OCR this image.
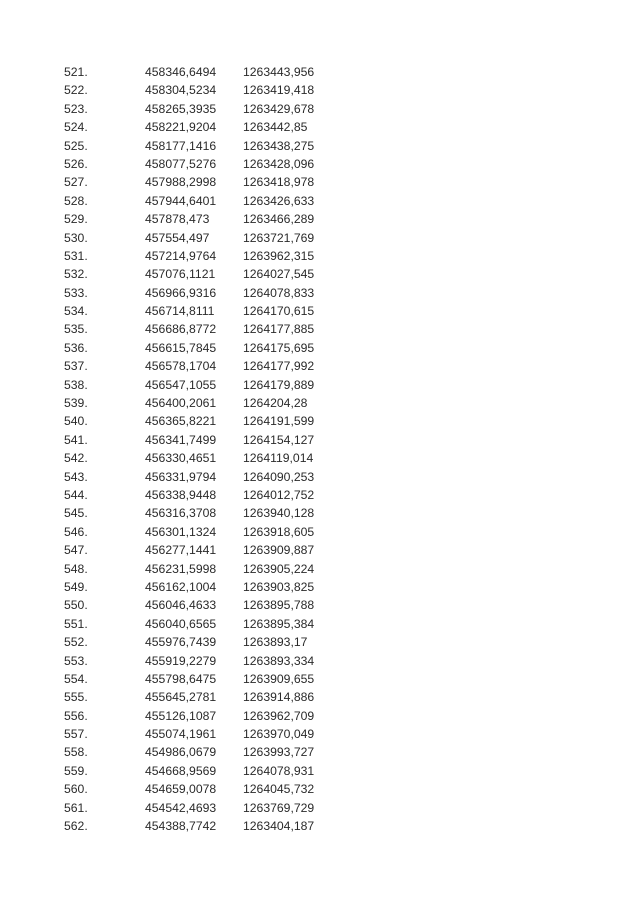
521.	458346,6494 1263443,956
522.	458304,5234 1263419,418
523.	458265,3935 1263429,678
524.	458221,9204 1263442,85
525.	458177,1416 1263438,275
526.	458077,5276 1263428,096
527.	457988,2998 1263418,978
528.	457944,6401 1263426,633
529.	457878,473	1263466,289
530.	457554,497	1263721,769
531.	457214,9764 1263962,315
532.	457076,1121 1264027,545
533.	456966,9316 1264078,833
534.	456714,8111 1264170,615
535.	456686,8772 1264177,885
536.	456615,7845 1264175,695
537.	456578,1704 1264177,992
538.	456547,1055 1264179,889
539.	456400,2061 1264204,28
540.	456365,8221 1264191,599
541.	456341,7499 1264154,127
542.	456330,4651 1264119,014
543.	456331,9794 1264090,253
544.	456338,9448 1264012,752
545.	456316,3708 1263940,128
546.	456301,1324 1263918,605
547.	456277,1441 1263909,887
548.	456231,5998 1263905,224
549.	456162,1004 1263903,825
550.	456046,4633 1263895,788
551.	456040,6565 1263895,384
552.	455976,7439 1263893,17
553.	455919,2279 1263893,334
554.	455798,6475 1263909,655
555.	455645,2781 1263914,886
556.	455126,1087 1263962,709
557.	455074,1961 1263970,049
558.	454986,0679 1263993,727
559.	454668,9569 1264078,931
560.	454659,0078 1264045,732
561.	454542,4693 1263769,729
562.	454388,7742 1263404,187
